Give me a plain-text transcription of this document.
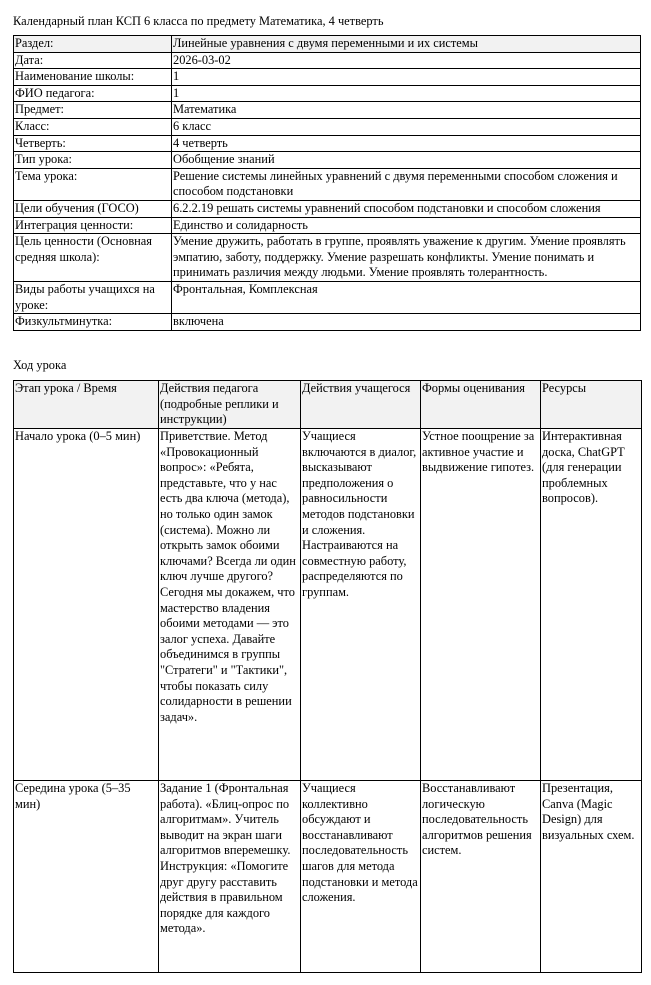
Календарный план КСП 6 класса по предмету Математика, 4 четверть
Раздел:	Линейные уравнения с двумя переменными и их системы
Дата:	2026-03-02
Наименование школы:	1
ФИО педагога:	1
Предмет:	Математика
Класс:	6 класс
Четверть:	4 четверть
Тип урока:	Обобщение знаний
Тема урока:	Решение системы линейных уравнений с двумя переменными способом сложения и способом подстановки
Цели обучения (ГОСО)	6.2.2.19 решать системы уравнений способом подстановки и способом сложения
Интеграция ценности:	Единство и солидарность
Цель ценности (Основная средняя школа):	Умение дружить, работать в группе, проявлять уважение к другим. Умение проявлять эмпатию, заботу, поддержку. Умение разрешать конфликты. Умение понимать и принимать различия между людьми. Умение проявлять толерантность.
Виды работы учащихся на уроке:	Фронтальная, Комплексная
Физкультминутка:	включена
Ход урока
Этап урока / Время	Действия педагога (подробные реплики и инструкции)	Действия учащегося	Формы оценивания	Ресурсы
Начало урока (0–5 мин)	Приветствие. Метод «Провокационный вопрос»: «Ребята, представьте, что у нас есть два ключа (метода), но только один замок (система). Можно ли открыть замок обоими ключами? Всегда ли один ключ лучше другого? Сегодня мы докажем, что мастерство владения обоими методами — это залог успеха. Давайте объединимся в группы "Стратеги" и "Тактики", чтобы показать силу солидарности в решении задач».	Учащиеся включаются в диалог, высказывают предположения о равносильности методов подстановки и сложения. Настраиваются на совместную работу, распределяются по группам.	Устное поощрение за активное участие и выдвижение гипотез.	Интерактивная доска, ChatGPT (для генерации проблемных вопросов).
Середина урока (5–35 мин)	Задание 1 (Фронтальная работа). «Блиц-опрос по алгоритмам». Учитель выводит на экран шаги алгоритмов вперемешку. Инструкция: «Помогите друг другу расставить действия в правильном порядке для каждого метода».	Учащиеся коллективно обсуждают и восстанавливают последовательность шагов для метода подстановки и метода сложения.	Восстанавливают логическую последовательность алгоритмов решения систем.	Презентация, Canva (Magic Design) для визуальных схем.
